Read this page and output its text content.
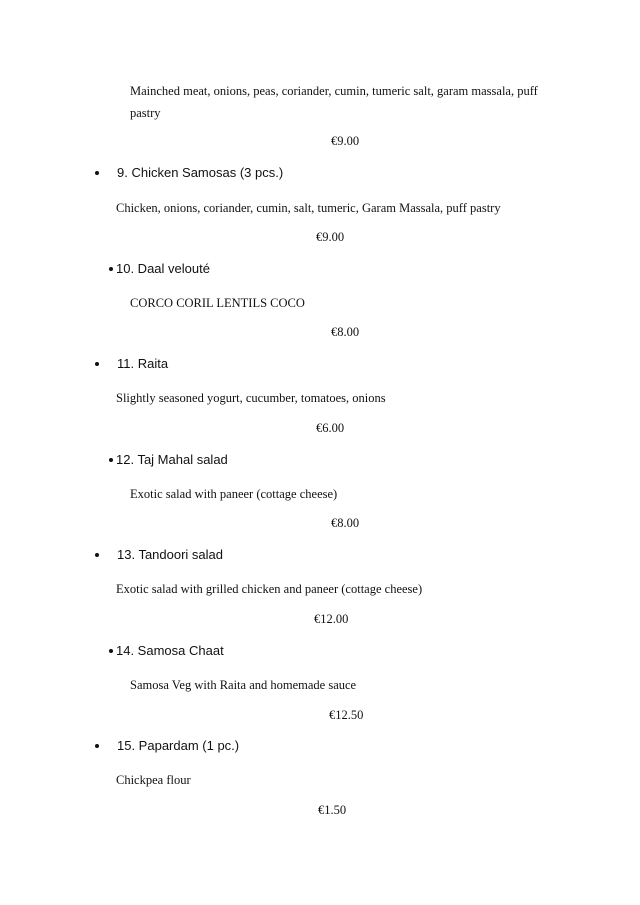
Mainched meat, onions, peas, coriander, cumin, tumeric salt, garam massala, puff pastry
€9.00
9. Chicken Samosas (3 pcs.)
Chicken, onions, coriander, cumin, salt, tumeric, Garam Massala, puff pastry
€9.00
10. Daal velouté
CORCO CORIL LENTILS COCO
€8.00
11. Raita
Slightly seasoned yogurt, cucumber, tomatoes, onions
€6.00
12. Taj Mahal salad
Exotic salad with paneer (cottage cheese)
€8.00
13. Tandoori salad
Exotic salad with grilled chicken and paneer (cottage cheese)
€12.00
14. Samosa Chaat
Samosa Veg with Raita and homemade sauce
€12.50
15. Papardam (1 pc.)
Chickpea flour
€1.50
